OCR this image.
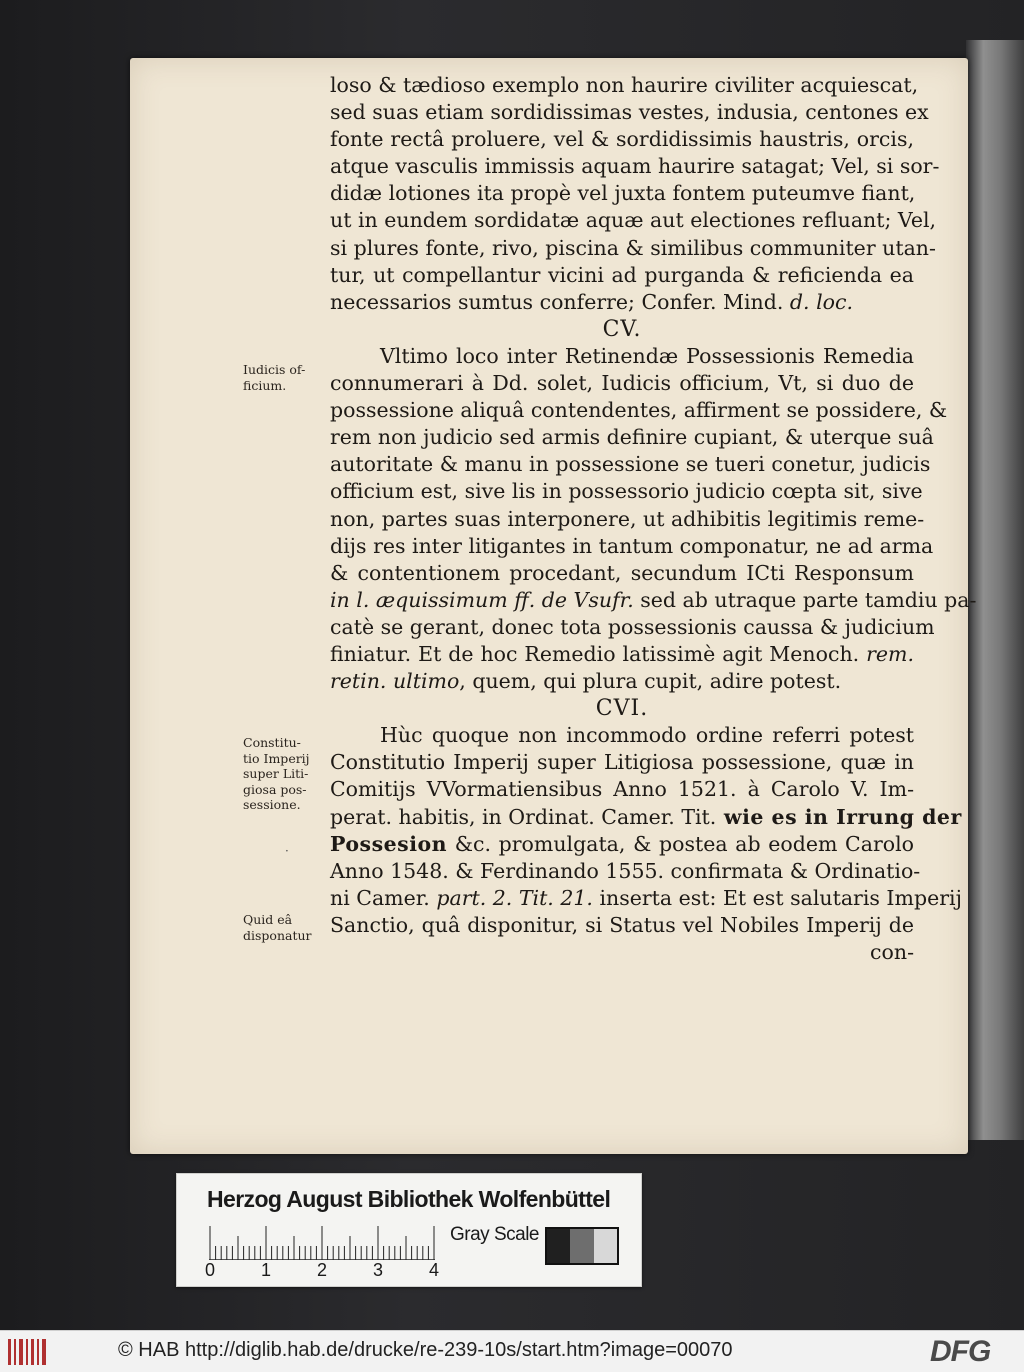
Iudicis of-
ficium.
Constitu-
tio Imperij
super Liti-
giosa pos-
sessione.
Quid eâ
disponatur
·
loso & tædioso exemplo non haurire civiliter acquiescat,
sed suas etiam sordidissimas vestes, indusia, centones ex
fonte rectâ proluere, vel & sordidissimis haustris, orcis,
atque vasculis immissis aquam haurire satagat; Vel, si sor-
didæ lotiones ita propè vel juxta fontem puteumve fiant,
ut in eundem sordidatæ aquæ aut electiones refluant; Vel,
si plures fonte, rivo, piscina & similibus communiter utan-
tur, ut compellantur vicini ad purganda & reficienda ea
necessarios sumtus conferre; Confer. Mind. d. loc.
CV.
Vltimo loco inter Retinendæ Possessionis Remedia
connumerari à Dd. solet, Iudicis officium, Vt, si duo de
possessione aliquâ contendentes, affirment se possidere, &
rem non judicio sed armis definire cupiant, & uterque suâ
autoritate & manu in possessione se tueri conetur, judicis
officium est, sive lis in possessorio judicio cœpta sit, sive
non, partes suas interponere, ut adhibitis legitimis reme-
dijs res inter litigantes in tantum componatur, ne ad arma
& contentionem procedant, secundum ICti Responsum
in l. æquissimum ff. de Vsufr. sed ab utraque parte tamdiu pa-
catè se gerant, donec tota possessionis caussa & judicium
finiatur. Et de hoc Remedio latissimè agit Menoch. rem.
retin. ultimo, quem, qui plura cupit, adire potest.
CVI.
Hùc quoque non incommodo ordine referri potest
Constitutio Imperij super Litigiosa possessione, quæ in
Comitijs VVormatiensibus Anno 1521. à Carolo V. Im-
perat. habitis, in Ordinat. Camer. Tit. wie es in Irrung der
Possesion &c. promulgata, & postea ab eodem Carolo
Anno 1548. & Ferdinando 1555. confirmata & Ordinatio-
ni Camer. part. 2. Tit. 21. inserta est: Et est salutaris Imperij
Sanctio, quâ disponitur, si Status vel Nobiles Imperij de
con-
Herzog August Bibliothek Wolfenbüttel
0	1	2	3	4
Gray Scale
© HAB http://diglib.hab.de/drucke/re-239-10s/start.htm?image=00070	DFG
